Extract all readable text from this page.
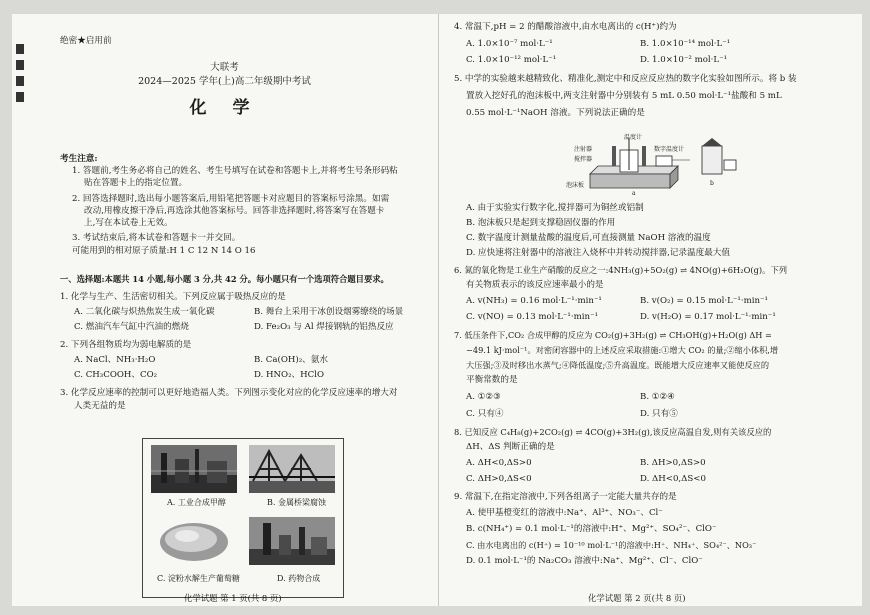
绝密★启用前
大联考
2024—2025 学年(上)高二年级期中考试
化 学
考生注意:
1. 答题前,考生务必将自己的姓名、考生号填写在试卷和答题卡上,并将考生号条形码粘
贴在答题卡上的指定位置。
2. 回答选择题时,选出每小题答案后,用铅笔把答题卡对应题目的答案标号涂黑。如需
改动,用橡皮擦干净后,再选涂其他答案标号。回答非选择题时,将答案写在答题卡
上,写在本试卷上无效。
3. 考试结束后,将本试卷和答题卡一并交回。
可能用到的相对原子质量:H 1 C 12 N 14 O 16
一、选择题:本题共 14 小题,每小题 3 分,共 42 分。每小题只有一个选项符合题目要求。
1. 化学与生产、生活密切相关。下列反应属于吸热反应的是
A. 二氧化碳与炽热焦炭生成一氧化碳	B. 舞台上采用干冰创设烟雾缭绕的场景
C. 燃油汽车气缸中汽油的燃烧	D. Fe₂O₃ 与 Al 焊接钢轨的铝热反应
2. 下列各组物质均为弱电解质的是
A. NaCl、NH₃·H₂O	B. Ca(OH)₂、氨水
C. CH₃COOH、CO₂	D. HNO₂、HClO
3. 化学反应速率的控制可以更好地造福人类。下列图示变化对应的化学反应速率的增大对
人类无益的是
A. 工业合成甲醇	B. 金属桥梁腐蚀
C. 淀粉水解生产葡萄糖	D. 药物合成
化学试题 第 1 页(共 8 页)
4. 常温下,pH = 2 的醋酸溶液中,由水电离出的 c(H⁺)约为
A. 1.0×10⁻⁷ mol·L⁻¹	B. 1.0×10⁻¹⁴ mol·L⁻¹
C. 1.0×10⁻¹² mol·L⁻¹	D. 1.0×10⁻² mol·L⁻¹
5. 中学的实验越来越精致化、精准化,测定中和反应反应热的数字化实验如图所示。将 b 装
置放入挖好孔的泡沫板中,两支注射器中分别装有 5 mL 0.50 mol·L⁻¹盐酸和 5 mL
0.55 mol·L⁻¹NaOH 溶液。下列说法正确的是
温度计
注射器
搅拌器
数字温度计
泡沫板
a
b
A. 由于实验实行数字化,搅拌器可为铜丝或铝制
B. 泡沫板只是起到支撑稳固仪器的作用
C. 数字温度计测量盐酸的温度后,可直接测量 NaOH 溶液的温度
D. 应快速将注射器中的溶液注入烧杯中并转动搅拌器,记录温度最大值
6. 氮的氧化物是工业生产硝酸的反应之一:4NH₃(g)+5O₂(g) ⇌ 4NO(g)+6H₂O(g)。下列
有关物质表示的该反应速率最小的是
A. v(NH₃) = 0.16 mol·L⁻¹·min⁻¹	B. v(O₂) = 0.15 mol·L⁻¹·min⁻¹
C. v(NO) = 0.13 mol·L⁻¹·min⁻¹	D. v(H₂O) = 0.17 mol·L⁻¹·min⁻¹
7. 低压条件下,CO₂ 合成甲醇的反应为 CO₂(g)+3H₂(g) ⇌ CH₃OH(g)+H₂O(g) ΔH =
−49.1 kJ·mol⁻¹。对密闭容器中的上述反应采取措施:①增大 CO₂ 的量;②缩小体积,增
大压强;③及时移出水蒸气;④降低温度;⑤升高温度。既能增大反应速率又能使反应的
平衡常数的是
A. ①②③	B. ①②④
C. 只有④	D. 只有⑤
8. 已知反应 C₄H₈(g)+2CO₂(g) ⇌ 4CO(g)+3H₂(g),该反应高温自发,则有关该反应的
ΔH、ΔS 判断正确的是
A. ΔH<0,ΔS>0	B. ΔH>0,ΔS>0
C. ΔH>0,ΔS<0	D. ΔH<0,ΔS<0
9. 常温下,在指定溶液中,下列各组离子一定能大量共存的是
A. 使甲基橙变红的溶液中:Na⁺、Al³⁺、NO₃⁻、Cl⁻
B. c(NH₄⁺) = 0.1 mol·L⁻¹的溶液中:H⁺、Mg²⁺、SO₄²⁻、ClO⁻
C. 由水电离出的 c(H⁺) = 10⁻¹⁰ mol·L⁻¹的溶液中:H⁺、NH₄⁺、SO₄²⁻、NO₃⁻
D. 0.1 mol·L⁻¹的 Na₂CO₃ 溶液中:Na⁺、Mg²⁺、Cl⁻、ClO⁻
化学试题 第 2 页(共 8 页)
